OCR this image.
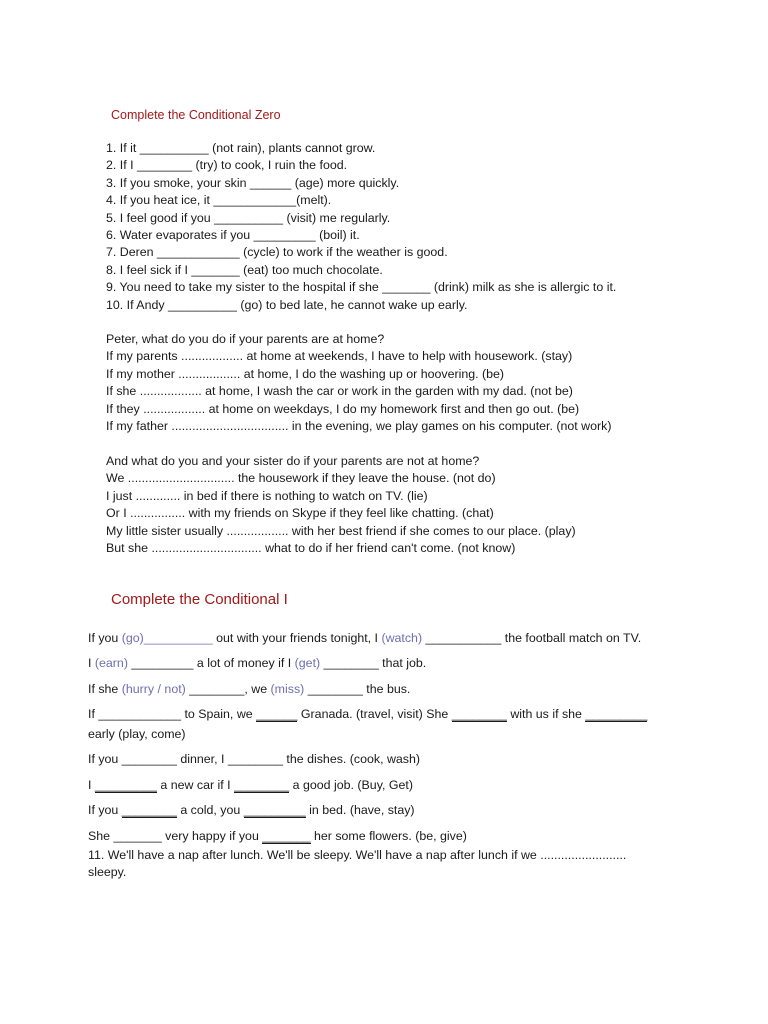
Complete the Conditional Zero
1. If it __________ (not rain), plants cannot grow.
2. If I ________ (try) to cook, I ruin the food.
3. If you smoke, your skin ______ (age) more quickly.
4. If you heat ice, it ____________(melt).
5. I feel good if you __________ (visit) me regularly.
6. Water evaporates if you _________ (boil) it.
7. Deren ____________ (cycle) to work if the weather is good.
8. I feel sick if I _______ (eat) too much chocolate.
9. You need to take my sister to the hospital if she _______ (drink) milk as she is allergic to it.
10. If Andy __________ (go) to bed late, he cannot wake up early.
Peter, what do you do if your parents are at home?
If my parents .................. at home at weekends, I have to help with housework. (stay)
If my mother .................. at home, I do the washing up or hoovering. (be)
If she .................. at home, I wash the car or work in the garden with my dad. (not be)
If they .................. at home on weekdays, I do my homework first and then go out. (be)
If my father .................................. in the evening, we play games on his computer. (not work)
And what do you and your sister do if your parents are not at home?
We ............................... the housework if they leave the house. (not do)
I just ............. in bed if there is nothing to watch on TV. (lie)
Or I ................ with my friends on Skype if they feel like chatting. (chat)
My little sister usually .................. with her best friend if she comes to our place. (play)
But she ................................ what to do if her friend can't come. (not know)
Complete the Conditional I
If you (go)__________ out with your friends tonight, I (watch) ___________ the football match on TV.
I (earn) _________ a lot of money if I (get) ________ that job.
If she (hurry / not) ________, we (miss) ________ the bus.
If ____________ to Spain, we ______ Granada. (travel, visit) She ________ with us if she _________ early (play, come)
If you ________ dinner, I ________ the dishes. (cook, wash)
I _________ a new car if I ________ a good job. (Buy, Get)
If you ________ a cold, you _________ in bed. (have, stay)
She _______ very happy if you _______ her some flowers. (be, give)
11. We'll have a nap after lunch. We'll be sleepy. We'll have a nap after lunch if we ......................... sleepy.
